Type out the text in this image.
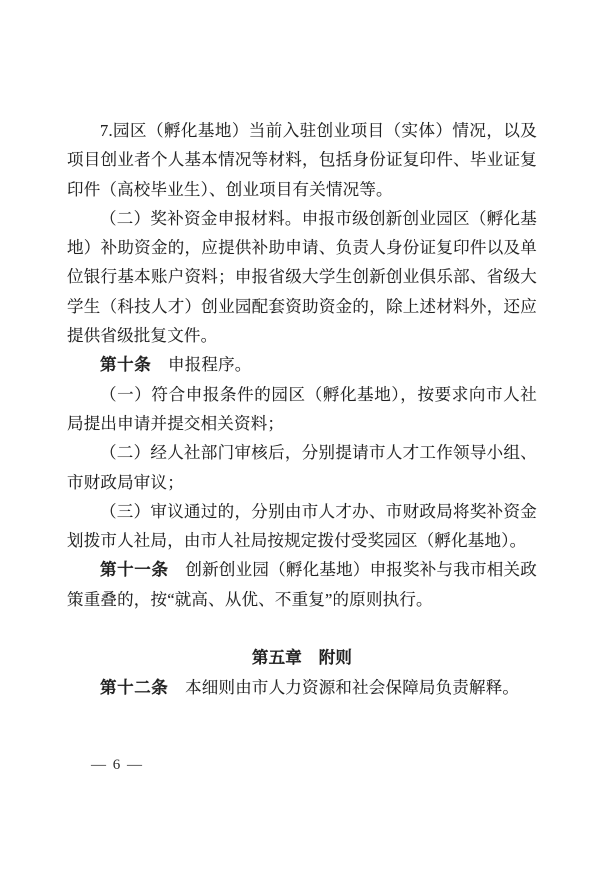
7.园区（孵化基地）当前入驻创业项目（实体）情况，以及
项目创业者个人基本情况等材料，包括身份证复印件、毕业证复
印件（高校毕业生）、创业项目有关情况等。
（二）奖补资金申报材料。申报市级创新创业园区（孵化基
地）补助资金的，应提供补助申请、负责人身份证复印件以及单
位银行基本账户资料；申报省级大学生创新创业俱乐部、省级大
学生（科技人才）创业园配套资助资金的，除上述材料外，还应
提供省级批复文件。
第十条　申报程序。
（一）符合申报条件的园区（孵化基地），按要求向市人社
局提出申请并提交相关资料；
（二）经人社部门审核后，分别提请市人才工作领导小组、
市财政局审议；
（三）审议通过的，分别由市人才办、市财政局将奖补资金
划拨市人社局，由市人社局按规定拨付受奖园区（孵化基地）。
第十一条　创新创业园（孵化基地）申报奖补与我市相关政
策重叠的，按“就高、从优、不重复”的原则执行。
第五章　附则
第十二条　本细则由市人力资源和社会保障局负责解释。
— 6 —
